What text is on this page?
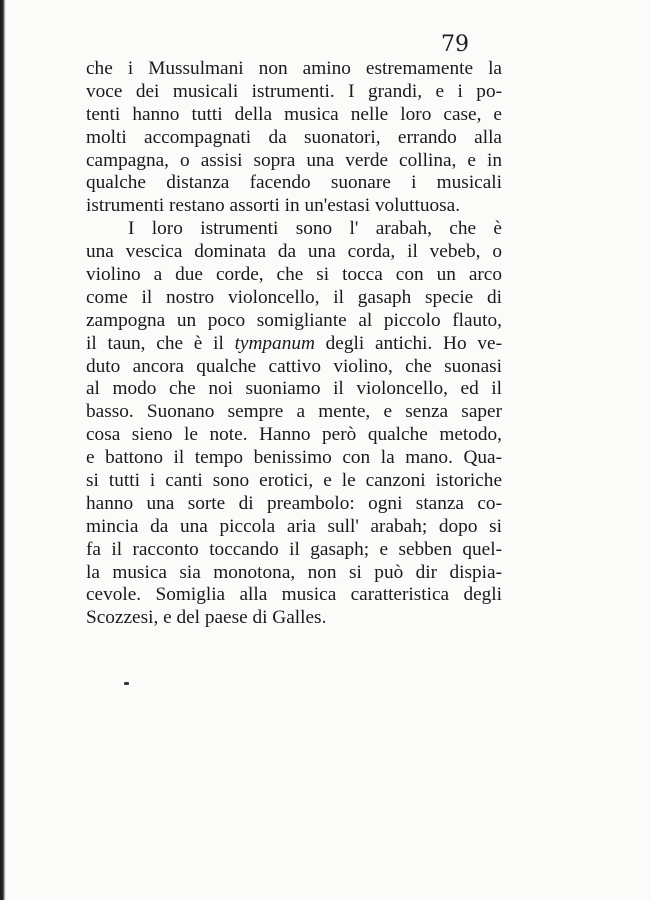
79
che i Mussulmani non amino estremamente la
voce dei musicali istrumenti. I grandi, e i po-
tenti hanno tutti della musica nelle loro case, e
molti accompagnati da suonatori, errando alla
campagna, o assisi sopra una verde collina, e in
qualche distanza facendo suonare i musicali
istrumenti restano assorti in un'estasi voluttuosa.
I loro istrumenti sono l' arabah, che è
una vescica dominata da una corda, il vebeb, o
violino a due corde, che si tocca con un arco
come il nostro violoncello, il gasaph specie di
zampogna un poco somigliante al piccolo flauto,
il taun, che è il tympanum degli antichi. Ho ve-
duto ancora qualche cattivo violino, che suonasi
al modo che noi suoniamo il violoncello, ed il
basso. Suonano sempre a mente, e senza saper
cosa sieno le note. Hanno però qualche metodo,
e battono il tempo benissimo con la mano. Qua-
si tutti i canti sono erotici, e le canzoni istoriche
hanno una sorte di preambolo: ogni stanza co-
mincia da una piccola aria sull' arabah; dopo si
fa il racconto toccando il gasaph; e sebben quel-
la musica sia monotona, non si può dir dispia-
cevole. Somiglia alla musica caratteristica degli
Scozzesi, e del paese di Galles.
